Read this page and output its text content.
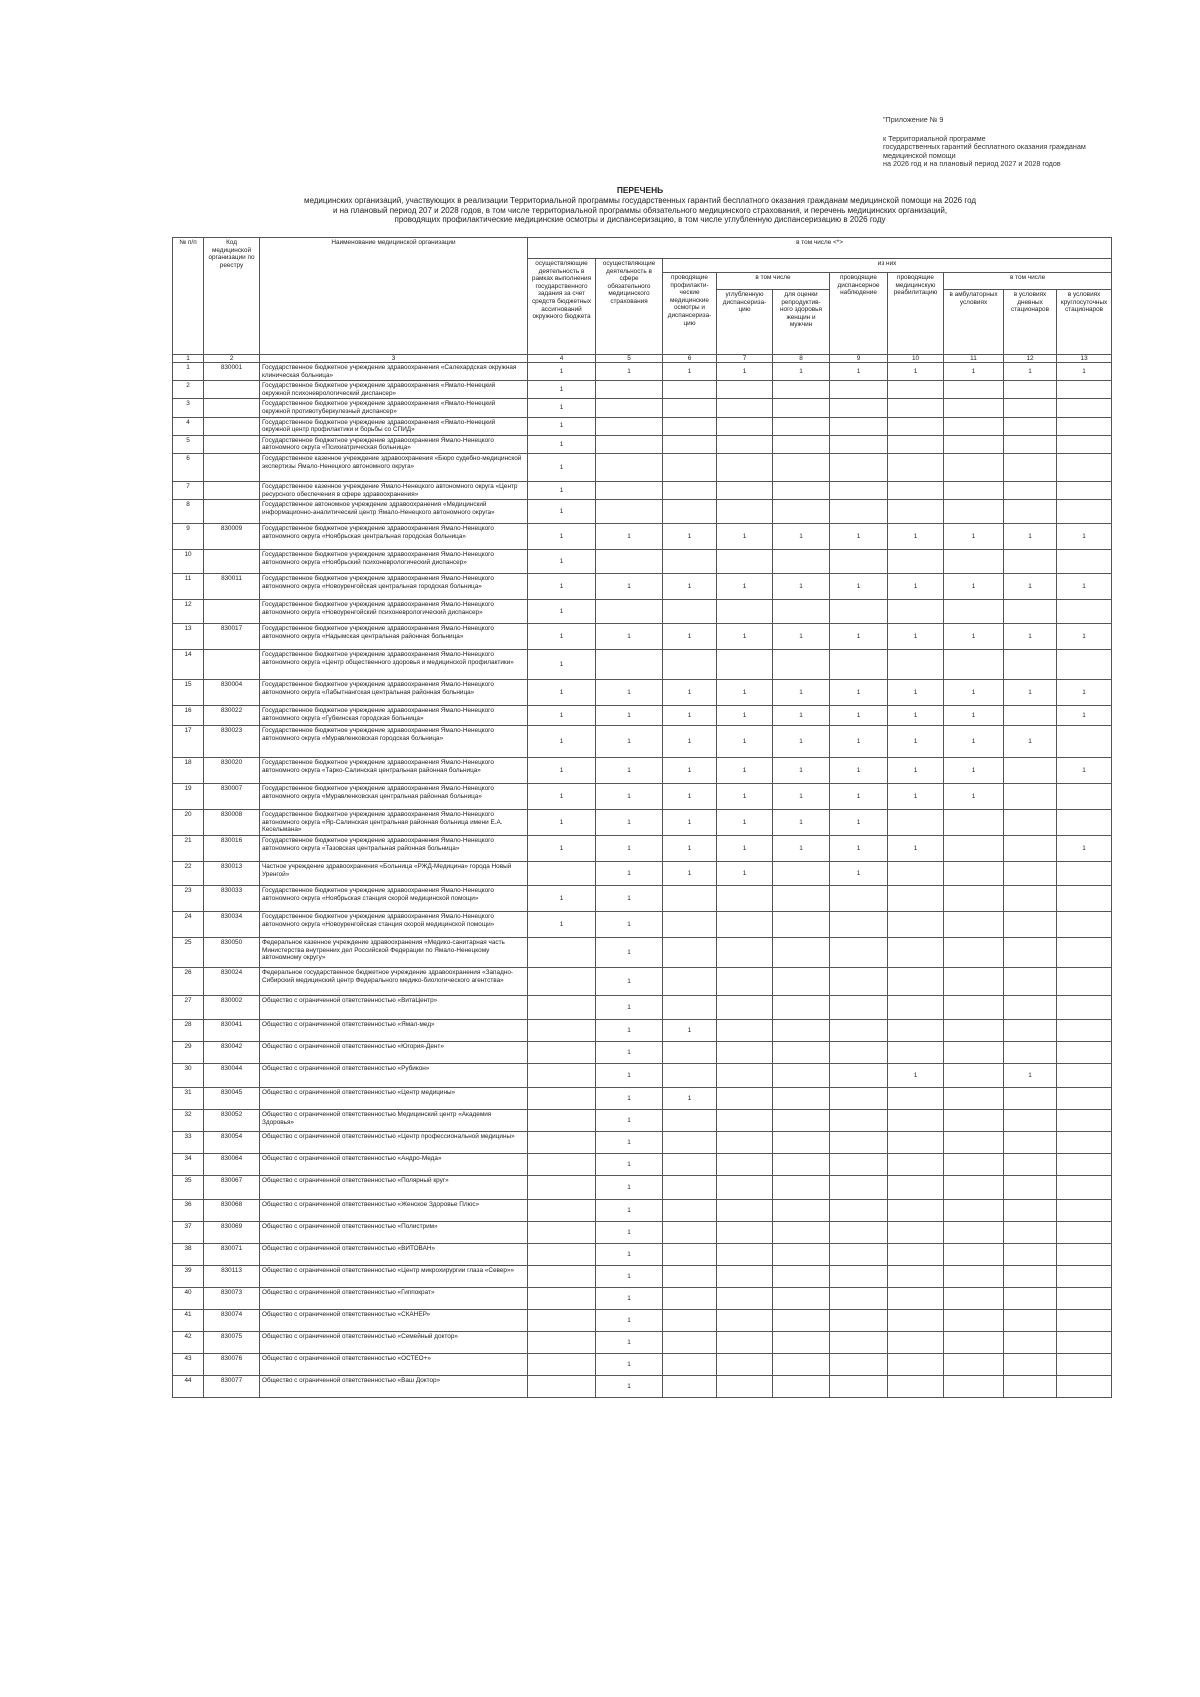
"Приложение № 9
к Территориальной программе
государственных гарантий бесплатного оказания гражданам
медицинской помощи
на 2026 год и на плановый период 2027 и 2028 годов
ПЕРЕЧЕНЬ
медицинских организаций, участвующих в реализации Территориальной программы государственных гарантий бесплатного оказания гражданам медицинской помощи на 2026 год
и на плановый период 207 и 2028 годов, в том числе территориальной программы обязательного медицинского страхования, и перечень медицинских организаций,
проводящих профилактические медицинские осмотры и диспансеризацию, в том числе углубленную диспансеризацию в 2026 году
№ п/п	Код медицинской организации по реестру	Наименование медицинской организации	в том числе <*>									
			осуществляющие деятельность в рамках выполнения государственного задания за счет средств бюджетных ассигнований окружного бюджета	осуществляющие деятельность в сфере обязательного медицинского страхования	из них							
					проводящие профилакти-ческие медицинские осмотры и диспансериза-цию	в том числе		проводящие диспансерное наблюдение	проводящие медицинскую реабилитацию	в том числе		
						углубленную диспансериза-цию	для оценки репродуктив-ного здоровья женщин и мужчин			в амбулаторных условиях	в условиях дневных стационаров	в условиях круглосуточных стационаров
1	2	3	4	5	6	7	8	9	10	11	12	13
1	830001	Государственное бюджетное учреждение здравоохранения «Салехардская окружная клиническая больница»	1	1	1	1	1	1	1	1	1	1
2		Государственное бюджетное учреждение здравоохранения «Ямало-Ненецкий окружной психоневрологический диспансер»	1									
3		Государственное бюджетное учреждение здравоохранения «Ямало-Ненецкий окружной противотуберкулезный диспансер»	1									
4		Государственное бюджетное учреждение здравоохранения «Ямало-Ненецкий окружной центр профилактики и борьбы со СПИД»	1									
5		Государственное бюджетное учреждение здравоохранения Ямало-Ненецкого автономного округа «Психиатрическая больница»	1									
6		Государственное казенное учреждение здравоохранения «Бюро судебно-медицинской экспертизы Ямало-Ненецкого автономного округа»	1									
7		Государственное казенное учреждение Ямало-Ненецкого автономного округа «Центр ресурсного обеспечения в сфере здравоохранения»	1									
8		Государственное автономное учреждение здравоохранения «Медицинский информационно-аналитический центр Ямало-Ненецкого автономного округа»	1									
9	830009	Государственное бюджетное учреждение здравоохранения Ямало-Ненецкого автономного округа «Ноябрьская центральная городская больница»	1	1	1	1	1	1	1	1	1	1
10		Государственное бюджетное учреждение здравоохранения Ямало-Ненецкого автономного округа «Ноябрьский психоневрологический диспансер»	1									
11	830011	Государственное бюджетное учреждение здравоохранения Ямало-Ненецкого автономного округа «Новоуренгойская центральная городская больница»	1	1	1	1	1	1	1	1	1	1
12		Государственное бюджетное учреждение здравоохранения Ямало-Ненецкого автономного округа «Новоуренгойский психоневрологический диспансер»	1									
13	830017	Государственное бюджетное учреждение здравоохранения Ямало-Ненецкого автономного округа «Надымская центральная районная больница»	1	1	1	1	1	1	1	1	1	1
14		Государственное бюджетное учреждение здравоохранения Ямало-Ненецкого автономного округа «Центр общественного здоровья и медицинской профилактики»	1									
15	830004	Государственное бюджетное учреждение здравоохранения Ямало-Ненецкого автономного округа «Лабытнангская центральная районная больница»	1	1	1	1	1	1	1	1	1	1
16	830022	Государственное бюджетное учреждение здравоохранения Ямало-Ненецкого автономного округа «Губкинская городская больница»	1	1	1	1	1	1	1	1		1
17	830023	Государственное бюджетное учреждение здравоохранения Ямало-Ненецкого автономного округа «Муравленковская городская больница»	1	1	1	1	1	1	1	1	1	
18	830020	Государственное бюджетное учреждение здравоохранения Ямало-Ненецкого автономного округа «Тарко-Салинская центральная районная больница»	1	1	1	1	1	1	1	1		1
19	830007	Государственное бюджетное учреждение здравоохранения Ямало-Ненецкого автономного округа «Муравленковская центральная районная больница»	1	1	1	1	1	1	1	1		
20	830008	Государственное бюджетное учреждение здравоохранения Ямало-Ненецкого автономного округа «Яр-Салинская центральная районная больница имени Е.А. Кесельмана»	1	1	1	1	1	1				
21	830016	Государственное бюджетное учреждение здравоохранения Ямало-Ненецкого автономного округа «Тазовская центральная районная больница»	1	1	1	1	1	1	1			1
22	830013	Частное учреждение здравоохранения «Больница «РЖД-Медицина» города Новый Уренгой»		1	1	1		1				
23	830033	Государственное бюджетное учреждение здравоохранения Ямало-Ненецкого автономного округа «Ноябрьская станция скорой медицинской помощи»	1	1								
24	830034	Государственное бюджетное учреждение здравоохранения Ямало-Ненецкого автономного округа «Новоуренгойская станция скорой медицинской помощи»	1	1								
25	830050	Федеральное казенное учреждение здравоохранения «Медико-санитарная часть Министерства внутренних дел Российской Федерации по Ямало-Ненецкому автономному округу»		1								
26	830024	Федеральное государственное бюджетное учреждение здравоохранения «Западно-Сибирский медицинский центр Федерального медико-биологического агентства»		1								
27	830002	Общество с ограниченной ответственностью «ВитаЦентр»		1								
28	830041	Общество с ограниченной ответственностью «Ямал-мед»		1	1							
29	830042	Общество с ограниченной ответственностью «Югория-Дент»		1								
30	830044	Общество с ограниченной ответственностью «Рубикон»		1					1		1	
31	830045	Общество с ограниченной ответственностью «Центр медицины»		1	1							
32	830052	Общество с ограниченной ответственностью Медицинский центр «Академия Здоровья»		1								
33	830054	Общество с ограниченной ответственностью «Центр профессиональной медицины»		1								
34	830064	Общество с ограниченной ответственностью «Андро-Меда»		1								
35	830067	Общество с ограниченной ответственностью «Полярный круг»		1								
36	830068	Общество с ограниченной ответственностью «Женское Здоровье Плюс»		1								
37	830069	Общество с ограниченной ответственностью «Полистрим»		1								
38	830071	Общество с ограниченной ответственностью «ВИТОВАН»		1								
39	830113	Общество с ограниченной ответственностью «Центр микрохирургии глаза «Север»»		1								
40	830073	Общество с ограниченной ответственностью «Гиппократ»		1								
41	830074	Общество с ограниченной ответственностью «СКАНЕР»		1								
42	830075	Общество с ограниченной ответственностью «Семейный доктор»		1								
43	830076	Общество с ограниченной ответственностью «ОСТЕО+»		1								
44	830077	Общество с ограниченной ответственностью «Ваш Доктор»		1								
